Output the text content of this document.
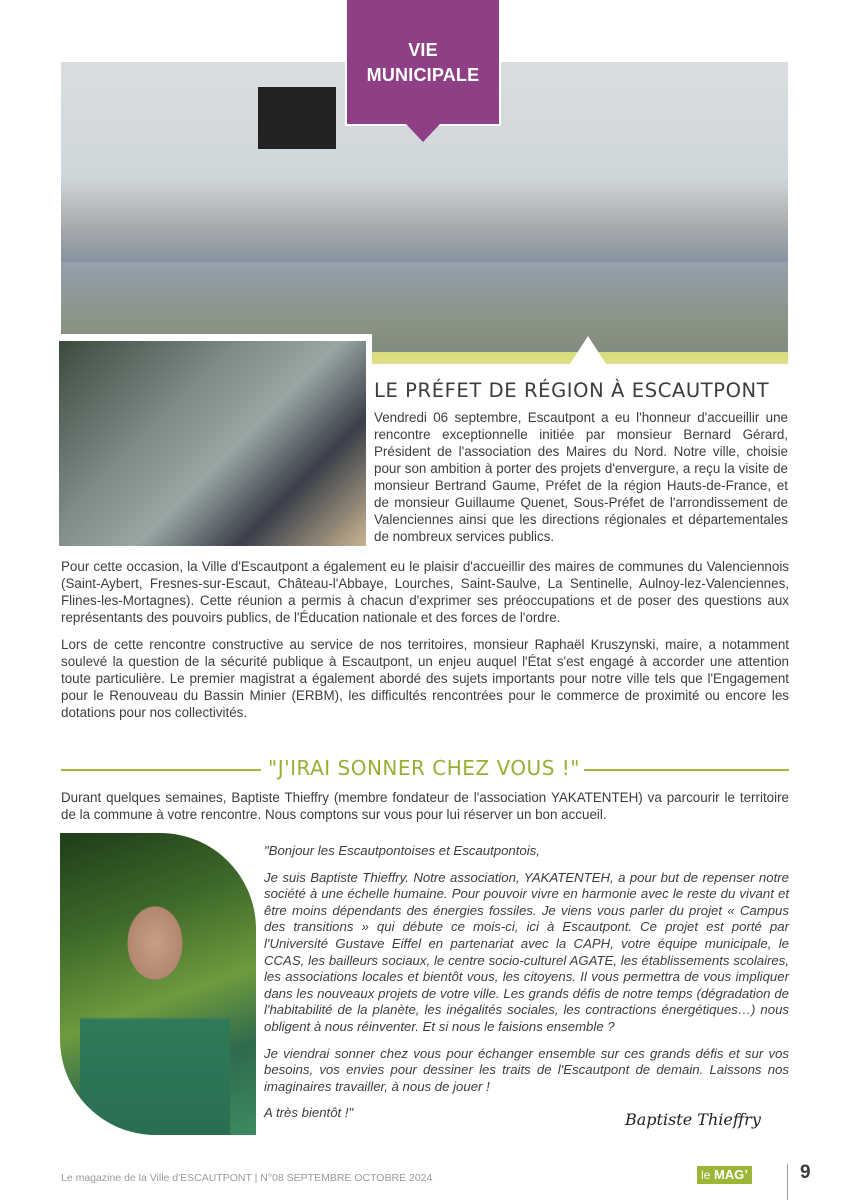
VIE
MUNICIPALE
LE PRÉFET DE RÉGION À ESCAUTPONT

Vendredi 06 septembre, Escautpont a eu l'honneur d'accueillir une rencontre exceptionnelle initiée par monsieur Bernard Gérard, Président de l'association des Maires du Nord. Notre ville, choisie pour son ambition à porter des projets d'envergure, a reçu la visite de monsieur Bertrand Gaume, Préfet de la région Hauts-de-France, et de monsieur Guillaume Quenet, Sous-Préfet de l'arrondissement de Valenciennes ainsi que les directions régionales et départementales de nombreux services publics.

Pour cette occasion, la Ville d'Escautpont a également eu le plaisir d'accueillir des maires de communes du Valenciennois (Saint-Aybert, Fresnes-sur-Escaut, Château-l'Abbaye, Lourches, Saint-Saulve, La Sentinelle, Aulnoy-lez-Valenciennes, Flines-les-Mortagnes). Cette réunion a permis à chacun d'exprimer ses préoccupations et de poser des questions aux représentants des pouvoirs publics, de l'Éducation nationale et des forces de l'ordre.

Lors de cette rencontre constructive au service de nos territoires, monsieur Raphaël Kruszynski, maire, a notamment soulevé la question de la sécurité publique à Escautpont, un enjeu auquel l'État s'est engagé à accorder une attention toute particulière. Le premier magistrat a également abordé des sujets importants pour notre ville tels que l'Engagement pour le Renouveau du Bassin Minier (ERBM), les difficultés rencontrées pour le commerce de proximité ou encore les dotations pour nos collectivités.

"J'IRAI SONNER CHEZ VOUS !"

Durant quelques semaines, Baptiste Thieffry (membre fondateur de l'association YAKATENTEH) va parcourir le territoire de la commune à votre rencontre. Nous comptons sur vous pour lui réserver un bon accueil.

"Bonjour les Escautpontoises et Escautpontois,

Je suis Baptiste Thieffry. Notre association, YAKATENTEH, a pour but de repenser notre société à une échelle humaine. Pour pouvoir vivre en harmonie avec le reste du vivant et être moins dépendants des énergies fossiles. Je viens vous parler du projet « Campus des transitions » qui débute ce mois-ci, ici à Escautpont. Ce projet est porté par l'Université Gustave Eiffel en partenariat avec la CAPH, votre équipe municipale, le CCAS, les bailleurs sociaux, le centre socio-culturel AGATE, les établissements scolaires, les associations locales et bientôt vous, les citoyens. Il vous permettra de vous impliquer dans les nouveaux projets de votre ville. Les grands défis de notre temps (dégradation de l'habitabilité de la planète, les inégalités sociales, les contractions énergétiques…) nous obligent à nous réinventer. Et si nous le faisions ensemble ?

Je viendrai sonner chez vous pour échanger ensemble sur ces grands défis et sur vos besoins, vos envies pour dessiner les traits de l'Escautpont de demain. Laissons nos imaginaires travailler, à nous de jouer !

A très bientôt !"	Baptiste Thieffry
Le magazine de la Ville d'ESCAUTPONT | N°08 SEPTEMBRE OCTOBRE 2024	le MAG’	9
